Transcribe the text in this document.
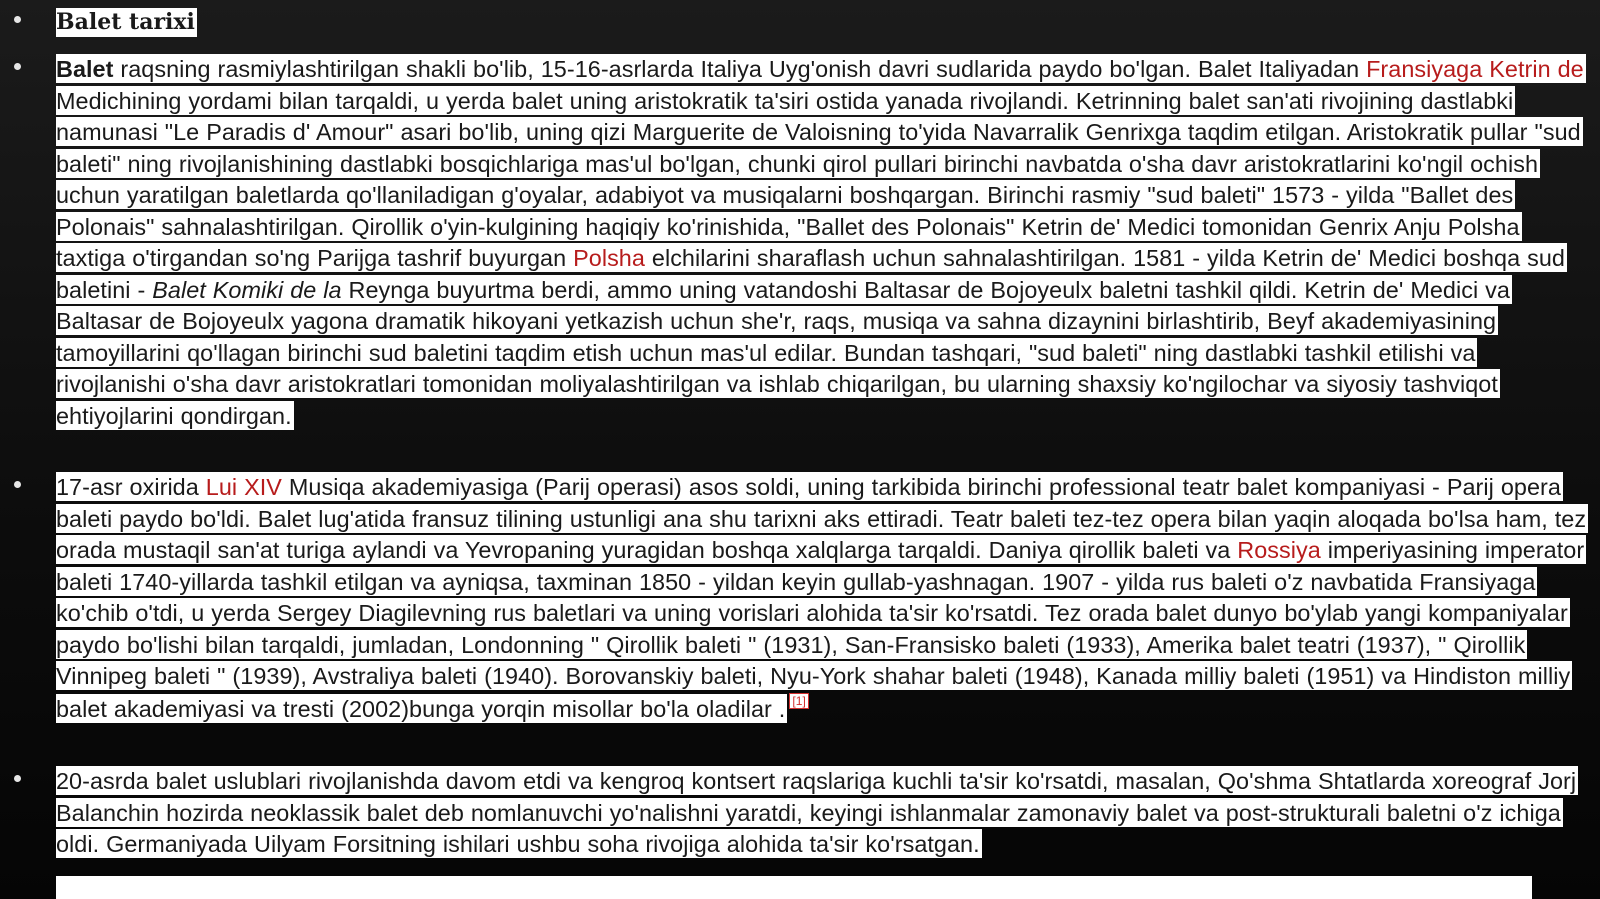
Balet tarixi

Balet raqsning rasmiylashtirilgan shakli bo'lib, 15-16-asrlarda Italiya Uyg'onish davri sudlarida paydo bo'lgan. Balet Italiyadan Fransiyaga Ketrin de Medichining yordami bilan tarqaldi, u yerda balet uning aristokratik ta'siri ostida yanada rivojlandi. Ketrinning balet san'ati rivojining dastlabki namunasi "Le Paradis d' Amour" asari bo'lib, uning qizi Marguerite de Valoisning to'yida Navarralik Genrixga taqdim etilgan. Aristokratik pullar "sud baleti" ning rivojlanishining dastlabki bosqichlariga mas'ul bo'lgan, chunki qirol pullari birinchi navbatda o'sha davr aristokratlarini ko'ngil ochish uchun yaratilgan baletlarda qo'llaniladigan g'oyalar, adabiyot va musiqalarni boshqargan. Birinchi rasmiy "sud baleti" 1573 - yilda "Ballet des Polonais" sahnalashtirilgan. Qirollik o'yin-kulgining haqiqiy ko'rinishida, "Ballet des Polonais" Ketrin de' Medici tomonidan Genrix Anju Polsha taxtiga o'tirgandan so'ng Parijga tashrif buyurgan Polsha elchilarini sharaflash uchun sahnalashtirilgan. 1581 - yilda Ketrin de' Medici boshqa sud baletini - Balet Komiki de la Reynga buyurtma berdi, ammo uning vatandoshi Baltasar de Bojoyeulx baletni tashkil qildi. Ketrin de' Medici va Baltasar de Bojoyeulx yagona dramatik hikoyani yetkazish uchun she'r, raqs, musiqa va sahna dizaynini birlashtirib, Beyf akademiyasining tamoyillarini qo'llagan birinchi sud baletini taqdim etish uchun mas'ul edilar. Bundan tashqari, "sud baleti" ning dastlabki tashkil etilishi va rivojlanishi o'sha davr aristokratlari tomonidan moliyalashtirilgan va ishlab chiqarilgan, bu ularning shaxsiy ko'ngilochar va siyosiy tashviqot ehtiyojlarini qondirgan.

17-asr oxirida Lui XIV Musiqa akademiyasiga (Parij operasi) asos soldi, uning tarkibida birinchi professional teatr balet kompaniyasi - Parij opera baleti paydo bo'ldi. Balet lug'atida fransuz tilining ustunligi ana shu tarixni aks ettiradi. Teatr baleti tez-tez opera bilan yaqin aloqada bo'lsa ham, tez orada mustaqil san'at turiga aylandi va Yevropaning yuragidan boshqa xalqlarga tarqaldi. Daniya qirollik baleti va Rossiya imperiyasining imperator baleti 1740-yillarda tashkil etilgan va ayniqsa, taxminan 1850 - yildan keyin gullab-yashnagan. 1907 - yilda rus baleti o'z navbatida Fransiyaga ko'chib o'tdi, u yerda Sergey Diagilevning rus baletlari va uning vorislari alohida ta'sir ko'rsatdi. Tez orada balet dunyo bo'ylab yangi kompaniyalar paydo bo'lishi bilan tarqaldi, jumladan, Londonning " Qirollik baleti " (1931), San-Fransisko baleti (1933), Amerika balet teatri (1937), " Qirollik Vinnipeg baleti " (1939), Avstraliya baleti (1940). Borovanskiy baleti, Nyu-York shahar baleti (1948), Kanada milliy baleti (1951) va Hindiston milliy balet akademiyasi va tresti (2002)bunga yorqin misollar bo'la oladilar . [1]

20-asrda balet uslublari rivojlanishda davom etdi va kengroq kontsert raqslariga kuchli ta'sir ko'rsatdi, masalan, Qo'shma Shtatlarda xoreograf Jorj Balanchin hozirda neoklassik balet deb nomlanuvchi yo'nalishni yaratdi, keyingi ishlanmalar zamonaviy balet va post-strukturali baletni o'z ichiga oldi. Germaniyada Uilyam Forsitning ishilari ushbu soha rivojiga alohida ta'sir ko'rsatgan.
